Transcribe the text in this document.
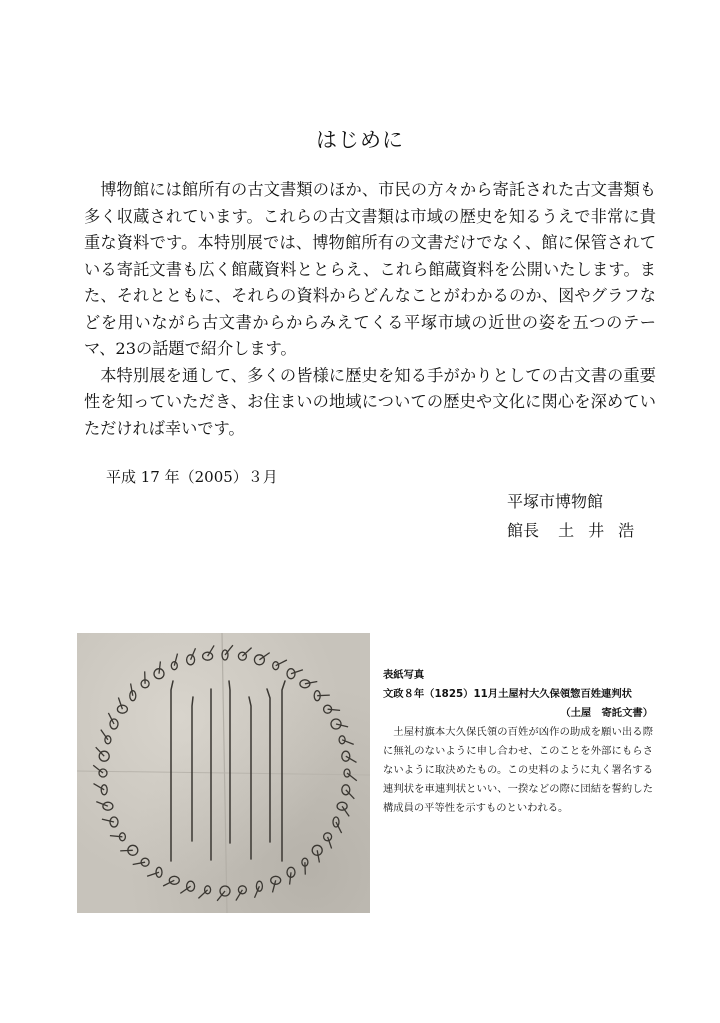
はじめに

博物館には館所有の古文書類のほか、市民の方々から寄託された古文書類も多く収蔵されています。これらの古文書類は市域の歴史を知るうえで非常に貴重な資料です。本特別展では、博物館所有の文書だけでなく、館に保管されている寄託文書も広く館蔵資料ととらえ、これら館蔵資料を公開いたします。また、それとともに、それらの資料からどんなことがわかるのか、図やグラフなどを用いながら古文書からからみえてくる平塚市域の近世の姿を五つのテーマ、23の話題で紹介します。

本特別展を通して、多くの皆様に歴史を知る手がかりとしての古文書の重要性を知っていただき、お住まいの地域についての歴史や文化に関心を深めていただければ幸いです。

平成 17 年（2005）３月
平塚市博物館
館長 土井浩
表紙写真
文政８年（1825）11月土屋村大久保領惣百姓連判状
（土屋　寄託文書）

土屋村旗本大久保氏領の百姓が凶作の助成を願い出る際に無礼のないように申し合わせ、このことを外部にもらさないように取決めたもの。この史料のように丸く署名する連判状を車連判状といい、一揆などの際に団結を誓約した構成員の平等性を示すものといわれる。
